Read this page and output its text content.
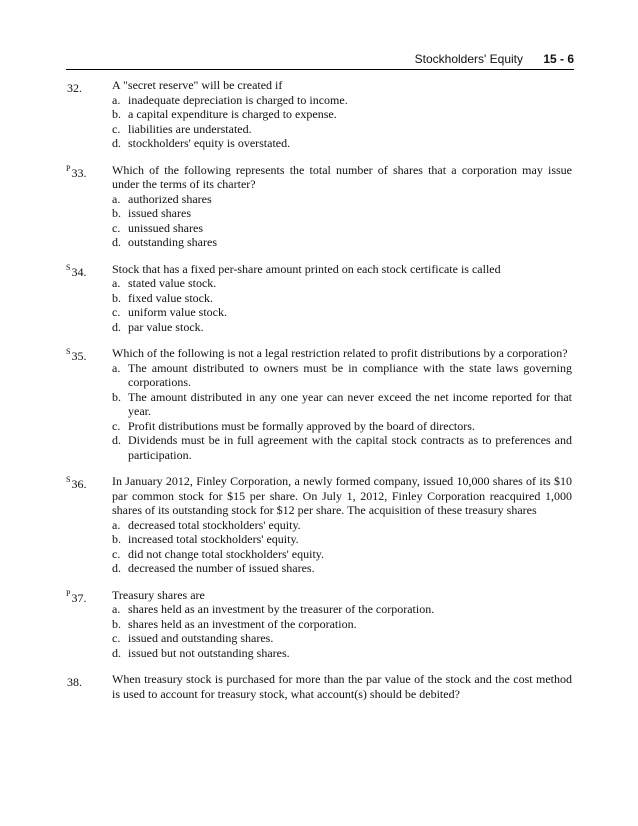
Stockholders' Equity 15 - 6
32.	A "secret reserve" will be created if
a. inadequate depreciation is charged to income.
b. a capital expenditure is charged to expense.
c. liabilities are understated.
d. stockholders' equity is overstated.
$^P$33.	Which of the following represents the total number of shares that a corporation may issue under the terms of its charter?
a. authorized shares
b. issued shares
c. unissued shares
d. outstanding shares
$^S$34.	Stock that has a fixed per-share amount printed on each stock certificate is called
a. stated value stock.
b. fixed value stock.
c. uniform value stock.
d. par value stock.
$^S$35.	Which of the following is not a legal restriction related to profit distributions by a corporation?
a. The amount distributed to owners must be in compliance with the state laws governing corporations.
b. The amount distributed in any one year can never exceed the net income reported for that year.
c. Profit distributions must be formally approved by the board of directors.
d. Dividends must be in full agreement with the capital stock contracts as to preferences and participation.
$^S$36.	In January 2012, Finley Corporation, a newly formed company, issued 10,000 shares of its $10 par common stock for $15 per share. On July 1, 2012, Finley Corporation reacquired 1,000 shares of its outstanding stock for $12 per share. The acquisition of these treasury shares
a. decreased total stockholders' equity.
b. increased total stockholders' equity.
c. did not change total stockholders' equity.
d. decreased the number of issued shares.
$^P$37.	Treasury shares are
a. shares held as an investment by the treasurer of the corporation.
b. shares held as an investment of the corporation.
c. issued and outstanding shares.
d. issued but not outstanding shares.
38.	When treasury stock is purchased for more than the par value of the stock and the cost method is used to account for treasury stock, what account(s) should be debited?
